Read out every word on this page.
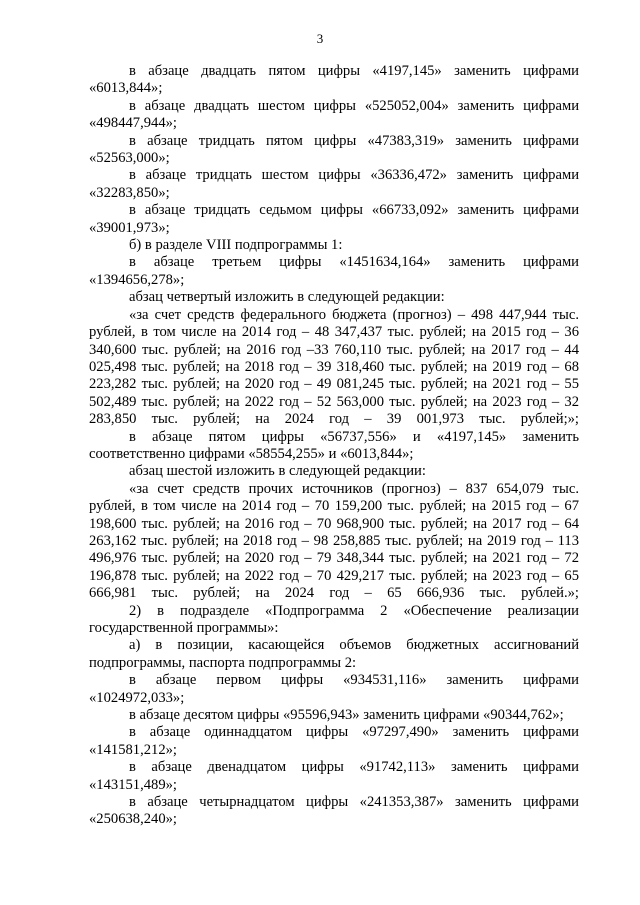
3

в абзаце двадцать пятом цифры «4197,145» заменить цифрами «6013,844»;

в абзаце двадцать шестом цифры «525052,004» заменить цифрами «498447,944»;

в абзаце тридцать пятом цифры «47383,319» заменить цифрами «52563,000»;

в абзаце тридцать шестом цифры «36336,472» заменить цифрами «32283,850»;

в абзаце тридцать седьмом цифры «66733,092» заменить цифрами «39001,973»;

б) в разделе VIII подпрограммы 1:

в абзаце третьем цифры «1451634,164» заменить цифрами «1394656,278»;

абзац четвертый изложить в следующей редакции:

«за счет средств федерального бюджета (прогноз) – 498 447,944 тыс. рублей, в том числе на 2014 год – 48 347,437 тыс. рублей; на 2015 год – 36 340,600 тыс. рублей; на 2016 год –33 760,110 тыс. рублей; на 2017 год – 44 025,498 тыс. рублей; на 2018 год – 39 318,460 тыс. рублей; на 2019 год – 68 223,282 тыс. рублей; на 2020 год – 49 081,245 тыс. рублей; на 2021 год – 55 502,489 тыс. рублей; на 2022 год – 52 563,000 тыс. рублей; на 2023 год – 32 283,850 тыс. рублей; на 2024 год – 39 001,973 тыс. рублей;»;

в абзаце пятом цифры «56737,556» и «4197,145» заменить соответственно цифрами «58554,255» и «6013,844»;

абзац шестой изложить в следующей редакции:

«за счет средств прочих источников (прогноз) – 837 654,079 тыс. рублей, в том числе на 2014 год – 70 159,200 тыс. рублей; на 2015 год – 67 198,600 тыс. рублей; на 2016 год – 70 968,900 тыс. рублей; на 2017 год – 64 263,162 тыс. рублей; на 2018 год – 98 258,885 тыс. рублей; на 2019 год – 113 496,976 тыс. рублей; на 2020 год – 79 348,344 тыс. рублей; на 2021 год – 72 196,878 тыс. рублей; на 2022 год – 70 429,217 тыс. рублей; на 2023 год – 65 666,981 тыс. рублей; на 2024 год – 65 666,936 тыс. рублей.»;

2) в подразделе «Подпрограмма 2 «Обеспечение реализации государственной программы»:

а) в позиции, касающейся объемов бюджетных ассигнований подпрограммы, паспорта подпрограммы 2:

в абзаце первом цифры «934531,116» заменить цифрами «1024972,033»;

в абзаце десятом цифры «95596,943» заменить цифрами «90344,762»;

в абзаце одиннадцатом цифры «97297,490» заменить цифрами «141581,212»;

в абзаце двенадцатом цифры «91742,113» заменить цифрами «143151,489»;

в абзаце четырнадцатом цифры «241353,387» заменить цифрами «250638,240»;
